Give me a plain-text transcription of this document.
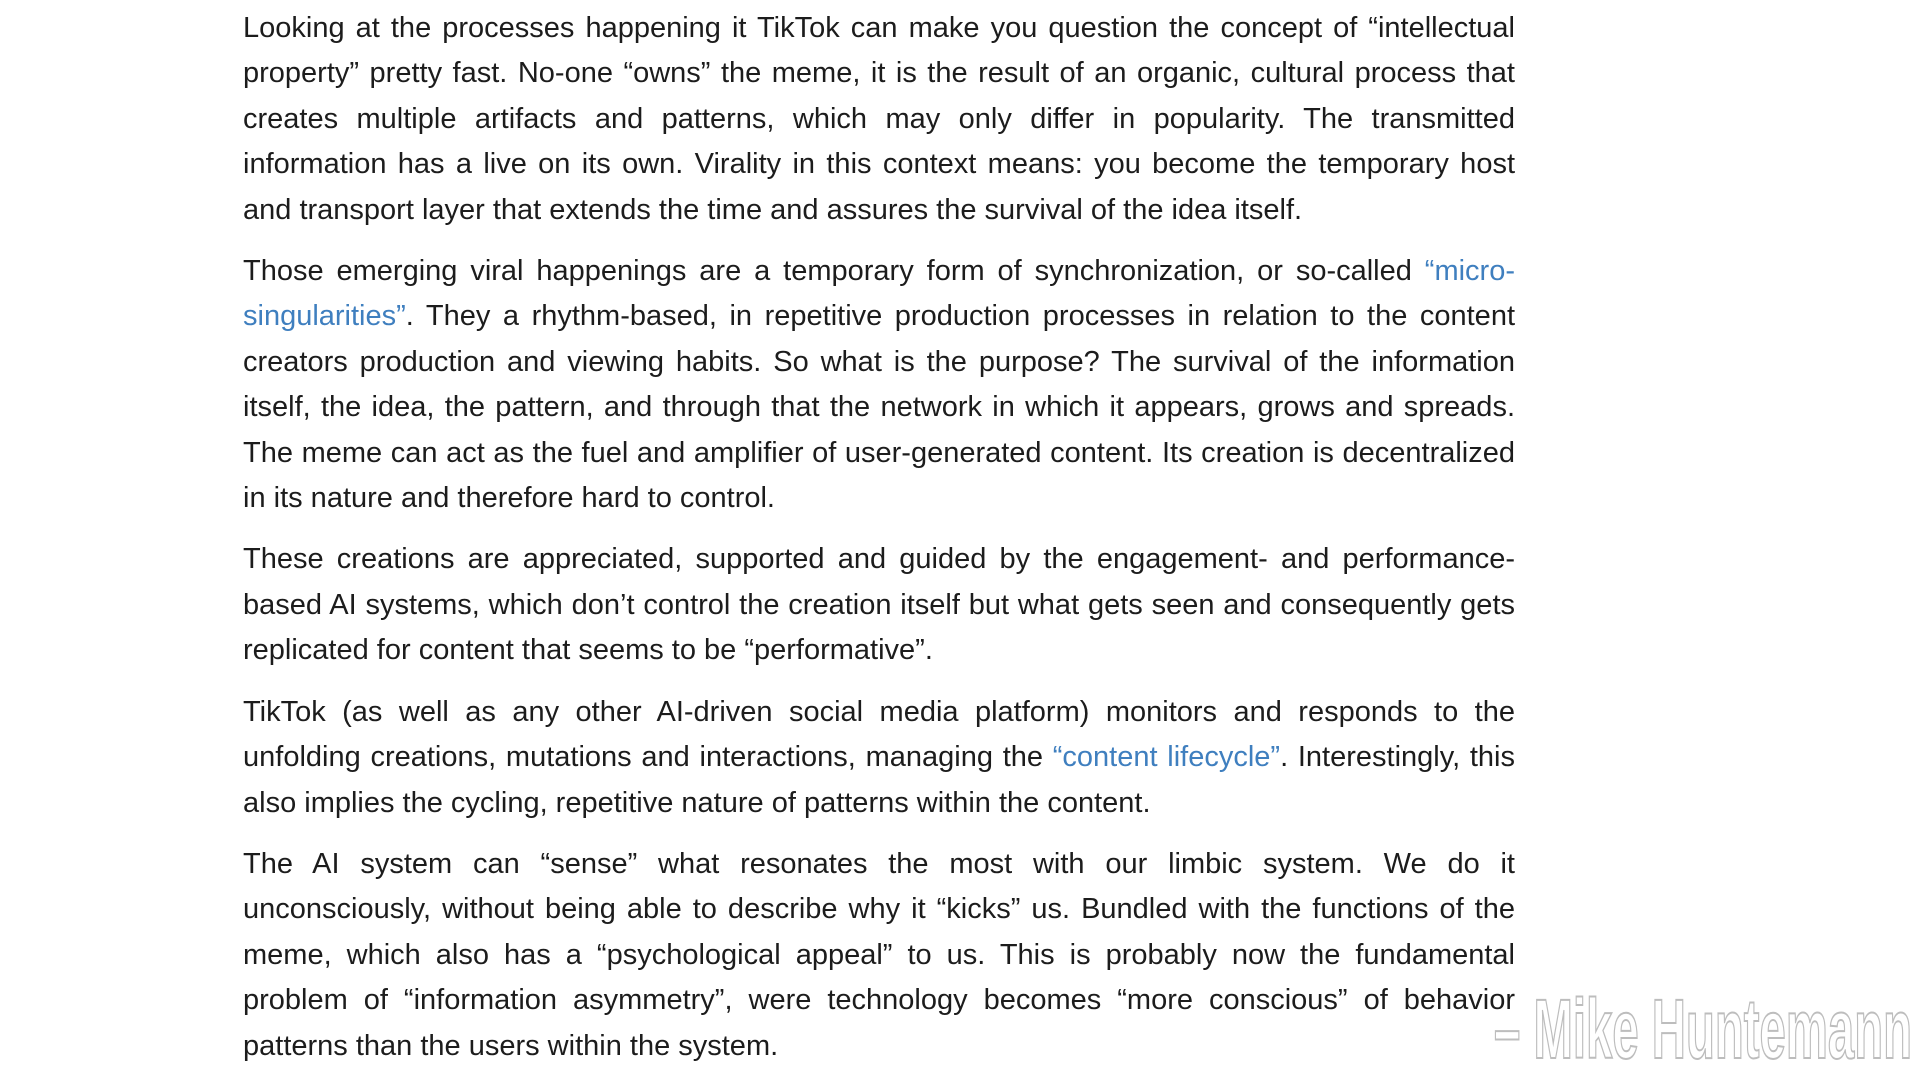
Looking at the processes happening it TikTok can make you question the concept of “intellectual property” pretty fast. No-one “owns” the meme, it is the result of an organic, cultural process that creates multiple artifacts and patterns, which may only differ in popularity. The transmitted information has a live on its own. Virality in this context means: you become the temporary host and transport layer that extends the time and assures the survival of the idea itself.

Those emerging viral happenings are a temporary form of synchronization, or so-called “micro-singularities”. They a rhythm-based, in repetitive production processes in relation to the content creators production and viewing habits. So what is the purpose? The survival of the information itself, the idea, the pattern, and through that the network in which it appears, grows and spreads. The meme can act as the fuel and amplifier of user-generated content. Its creation is decentralized in its nature and therefore hard to control.

These creations are appreciated, supported and guided by the engagement- and performance-based AI systems, which don’t control the creation itself but what gets seen and consequently gets replicated for content that seems to be “performative”.

TikTok (as well as any other AI-driven social media platform) monitors and responds to the unfolding creations, mutations and interactions, managing the “content lifecycle”. Interestingly, this also implies the cycling, repetitive nature of patterns within the content.

The AI system can “sense” what resonates the most with our limbic system. We do it unconsciously, without being able to describe why it “kicks” us. Bundled with the functions of the meme, which also has a “psychological appeal” to us. This is probably now the fundamental problem of “information asymmetry”, were technology becomes “more conscious” of behavior patterns than the users within the system.	– Mike Huntemann
